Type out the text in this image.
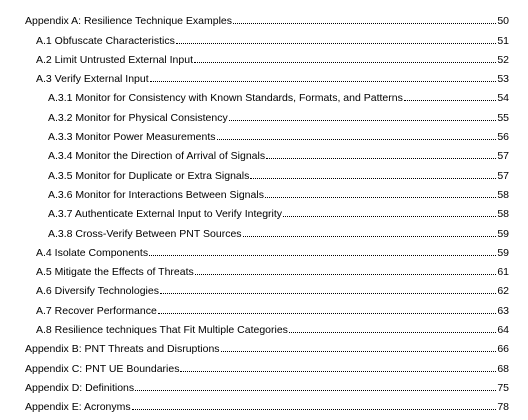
Appendix A: Resilience Technique Examples	50
A.1 Obfuscate Characteristics	51
A.2 Limit Untrusted External Input	52
A.3 Verify External Input	53
A.3.1 Monitor for Consistency with Known Standards, Formats, and Patterns	54
A.3.2 Monitor for Physical Consistency	55
A.3.3 Monitor Power Measurements	56
A.3.4 Monitor the Direction of Arrival of Signals	57
A.3.5 Monitor for Duplicate or Extra Signals	57
A.3.6 Monitor for Interactions Between Signals	58
A.3.7 Authenticate External Input to Verify Integrity	58
A.3.8 Cross-Verify Between PNT Sources	59
A.4 Isolate Components	59
A.5 Mitigate the Effects of Threats	61
A.6 Diversify Technologies	62
A.7 Recover Performance	63
A.8 Resilience techniques That Fit Multiple Categories	64
Appendix B: PNT Threats and Disruptions	66
Appendix C: PNT UE Boundaries	68
Appendix D: Definitions	75
Appendix E: Acronyms	78
